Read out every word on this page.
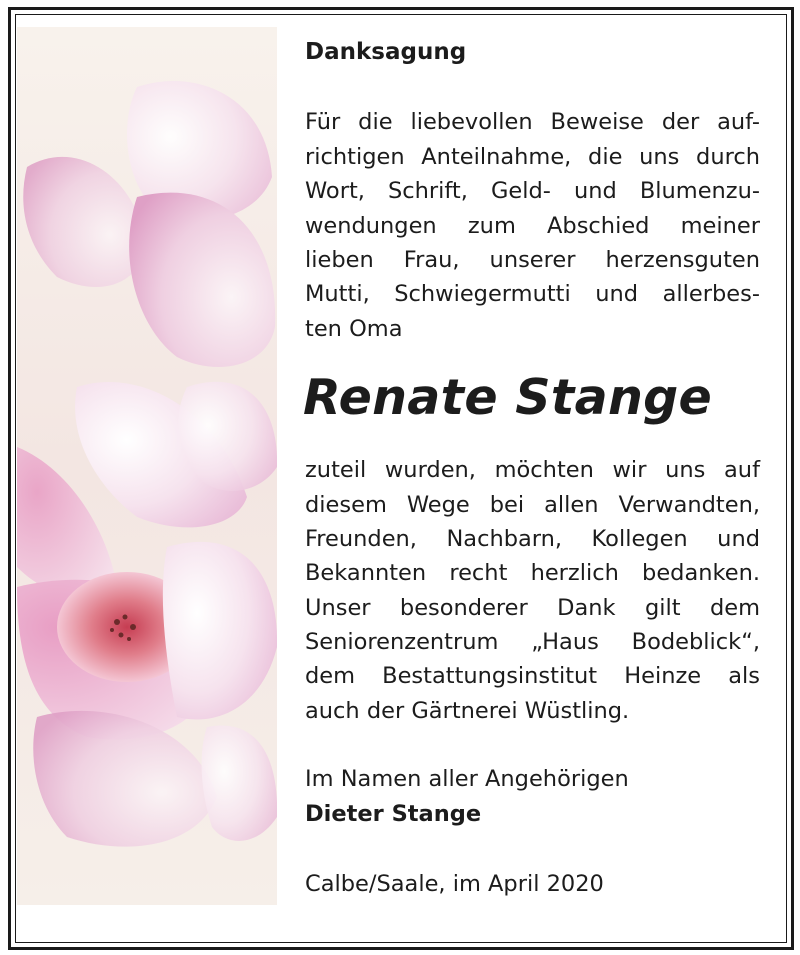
Danksagung

Für die liebevollen Beweise der auf-
richtigen Anteilnahme, die uns durch
Wort, Schrift, Geld- und Blumenzu-
wendungen zum Abschied meiner
lieben Frau, unserer herzensguten
Mutti, Schwiegermutti und allerbes-
ten Oma

Renate Stange

zuteil wurden, möchten wir uns auf
diesem Wege bei allen Verwandten,
Freunden, Nachbarn, Kollegen und
Bekannten recht herzlich bedanken.
Unser besonderer Dank gilt dem
Seniorenzentrum „Haus Bodeblick“,
dem Bestattungsinstitut Heinze als
auch der Gärtnerei Wüstling.

Im Namen aller Angehörigen

Dieter Stange

Calbe/Saale, im April 2020
